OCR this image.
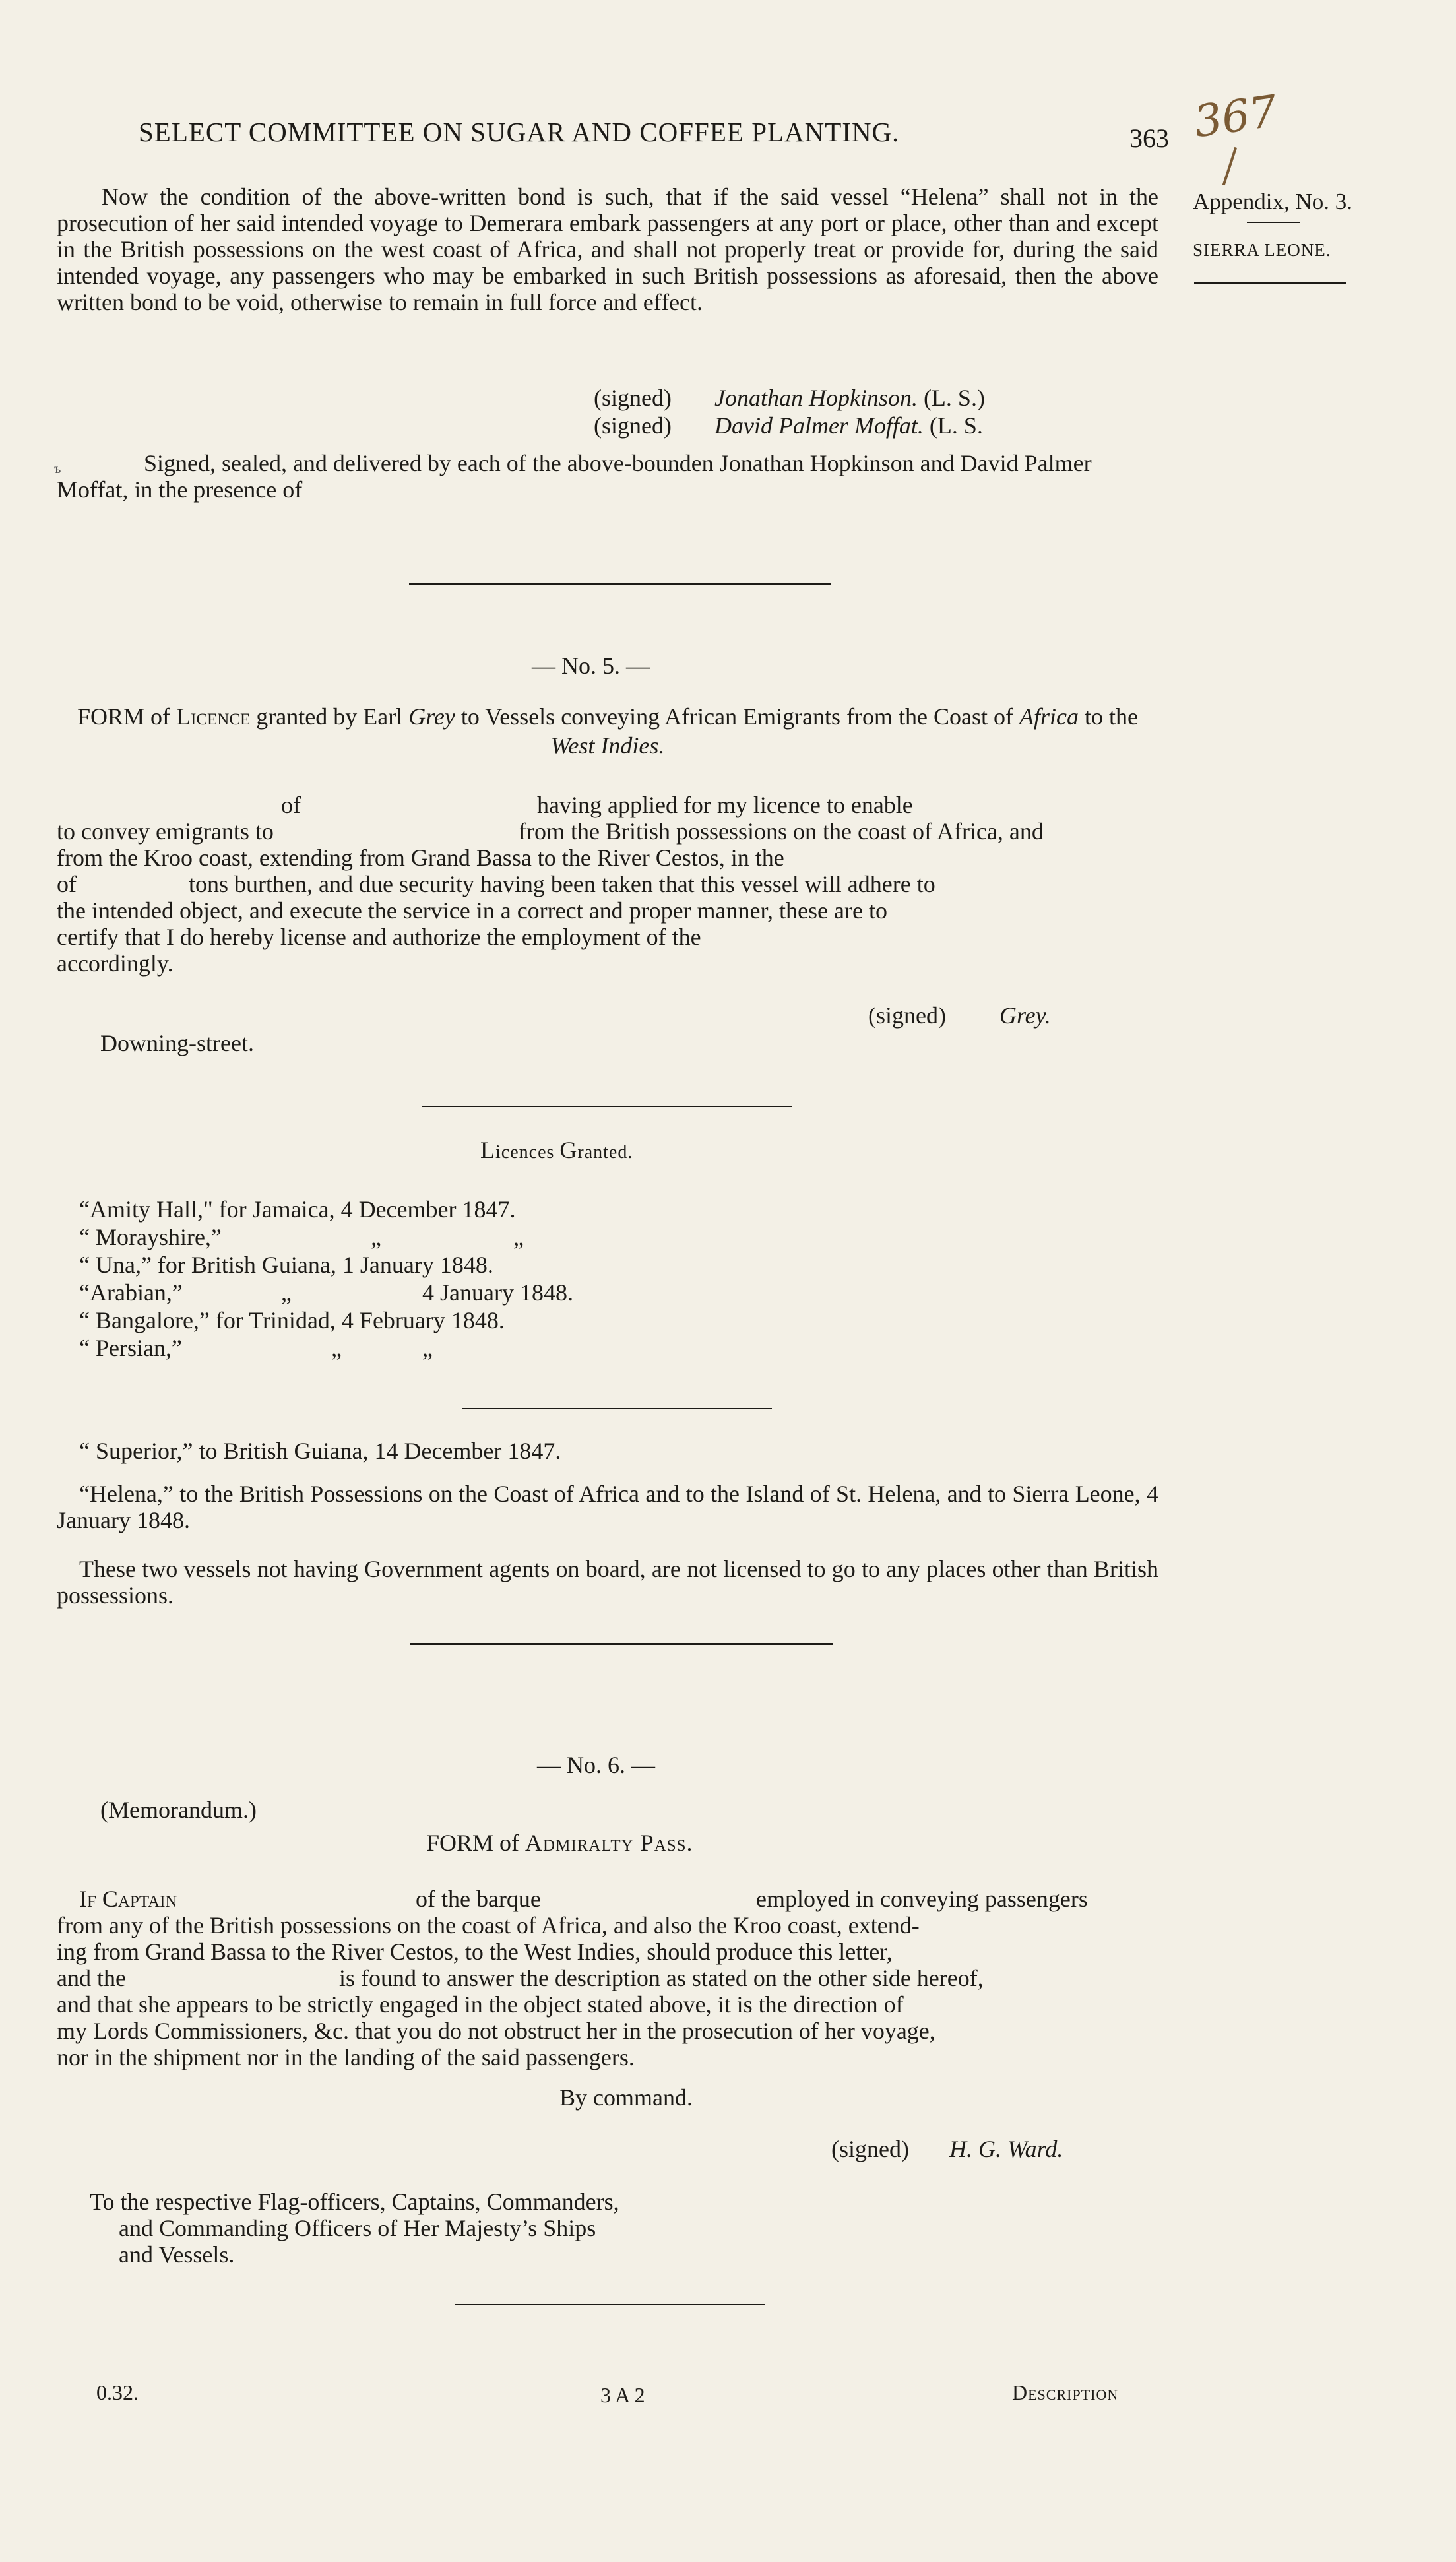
SELECT COMMITTEE ON SUGAR AND COFFEE PLANTING.	363 367
Appendix, No. 3.
SIERRA LEONE.
Now the condition of the above-written bond is such, that if the said vessel “Helena” shall not in the prosecution of her said intended voyage to Demerara embark passengers at any port or place, other than and except in the British possessions on the west coast of Africa, and shall not properly treat or provide for, during the said intended voyage, any passengers who may be embarked in such British possessions as aforesaid, then the above written bond to be void, otherwise to remain in full force and effect.
(signed) Jonathan Hopkinson. (L. S.)
(signed) David Palmer Moffat. (L. S.
ъ	Signed, sealed, and delivered by each of the above-bounden Jonathan Hopkinson and David Palmer Moffat, in the presence of
— No. 5. —
FORM of Licence granted by Earl Grey to Vessels conveying African Emigrants from the Coast of Africa to the West Indies.
of	having applied for my licence to enable
to convey emigrants to	from the British possessions on the coast of Africa, and
from the Kroo coast, extending from Grand Bassa to the River Cestos, in the
of	tons burthen, and due security having been taken that this vessel will adhere to
the intended object, and execute the service in a correct and proper manner, these are to
certify that I do hereby license and authorize the employment of the
accordingly.
(signed) Grey.
Downing-street.
Licences Granted.
“Amity Hall," for Jamaica, 4 December 1847.
“ Morayshire,”	„	„
“ Una,” for British Guiana, 1 January 1848.
“Arabian,”	„	4 January 1848.
“ Bangalore,” for Trinidad, 4 February 1848.
“ Persian,”	„	„
“ Superior,” to British Guiana, 14 December 1847.
“Helena,” to the British Possessions on the Coast of Africa and to the Island of St. Helena, and to Sierra Leone, 4 January 1848.
These two vessels not having Government agents on board, are not licensed to go to any places other than British possessions.
— No. 6. —
(Memorandum.)
FORM of Admiralty Pass.
If Captain	of the barque	employed in conveying passengers
from any of the British possessions on the coast of Africa, and also the Kroo coast, extend-
ing from Grand Bassa to the River Cestos, to the West Indies, should produce this letter,
and the	is found to answer the description as stated on the other side hereof,
and that she appears to be strictly engaged in the object stated above, it is the direction of
my Lords Commissioners, &c. that you do not obstruct her in the prosecution of her voyage,
nor in the shipment nor in the landing of the said passengers.
By command.
(signed) H. G. Ward.
To the respective Flag-officers, Captains, Commanders,
and Commanding Officers of Her Majesty’s Ships
and Vessels.
0.32.	3 A 2	Description
